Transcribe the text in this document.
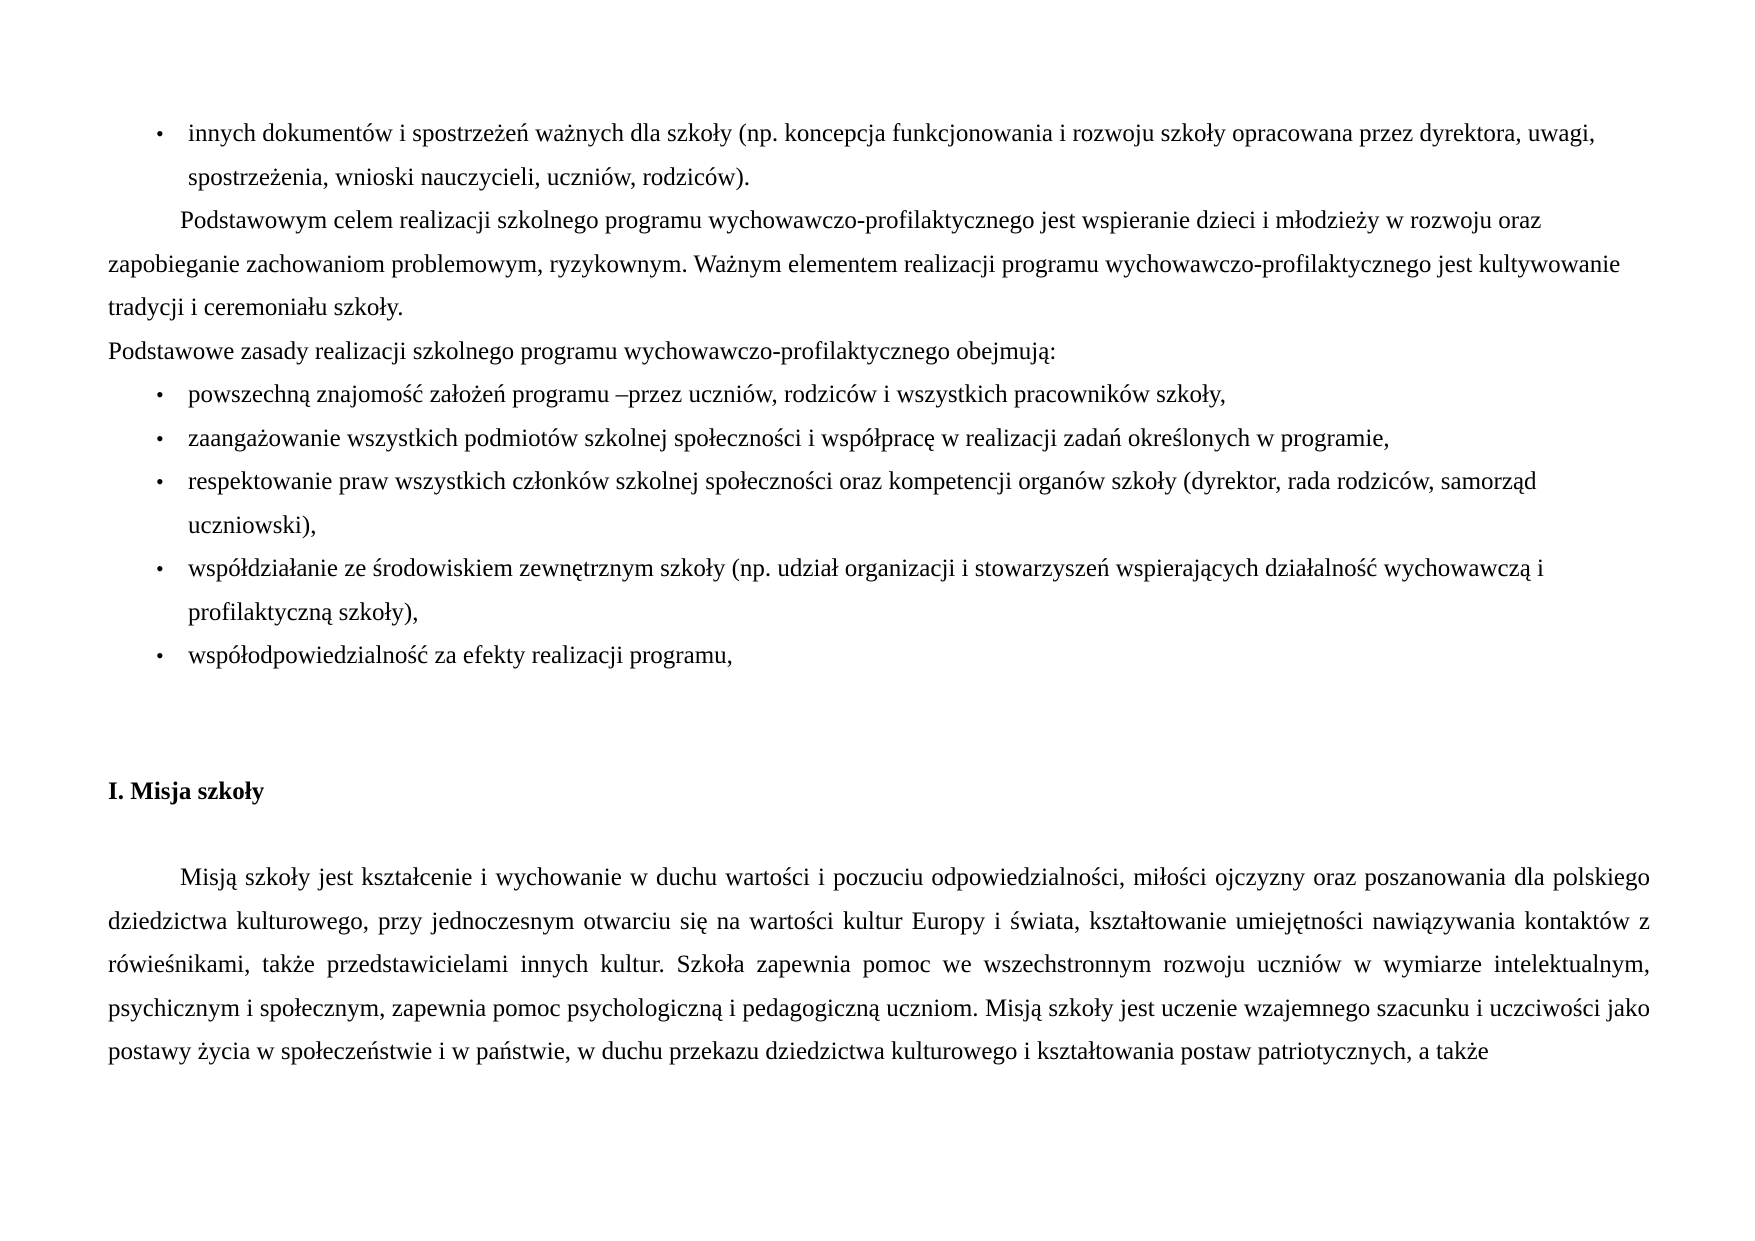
• innych dokumentów i spostrzeżeń ważnych dla szkoły (np. koncepcja funkcjonowania i rozwoju szkoły opracowana przez dyrektora, uwagi, spostrzeżenia, wnioski nauczycieli, uczniów, rodziców).

Podstawowym celem realizacji szkolnego programu wychowawczo-profilaktycznego jest wspieranie dzieci i młodzieży w rozwoju oraz zapobieganie zachowaniom problemowym, ryzykownym. Ważnym elementem realizacji programu wychowawczo-profilaktycznego jest kultywowanie tradycji i ceremoniału szkoły.

Podstawowe zasady realizacji szkolnego programu wychowawczo-profilaktycznego obejmują:

• powszechną znajomość założeń programu –przez uczniów, rodziców i wszystkich pracowników szkoły,
• zaangażowanie wszystkich podmiotów szkolnej społeczności i współpracę w realizacji zadań określonych w programie,
• respektowanie praw wszystkich członków szkolnej społeczności oraz kompetencji organów szkoły (dyrektor, rada rodziców, samorząd uczniowski),
• współdziałanie ze środowiskiem zewnętrznym szkoły (np. udział organizacji i stowarzyszeń wspierających działalność wychowawczą i profilaktyczną szkoły),
• współodpowiedzialność za efekty realizacji programu,

I. Misja szkoły

Misją szkoły jest kształcenie i wychowanie w duchu wartości i poczuciu odpowiedzialności, miłości ojczyzny oraz poszanowania dla polskiego dziedzictwa kulturowego, przy jednoczesnym otwarciu się na wartości kultur Europy i świata, kształtowanie umiejętności nawiązywania kontaktów z rówieśnikami, także przedstawicielami innych kultur. Szkoła zapewnia pomoc we wszechstronnym rozwoju uczniów w wymiarze intelektualnym, psychicznym i społecznym, zapewnia pomoc psychologiczną i pedagogiczną uczniom. Misją szkoły jest uczenie wzajemnego szacunku i uczciwości jako postawy życia w społeczeństwie i w państwie, w duchu przekazu dziedzictwa kulturowego i kształtowania postaw patriotycznych, a także
